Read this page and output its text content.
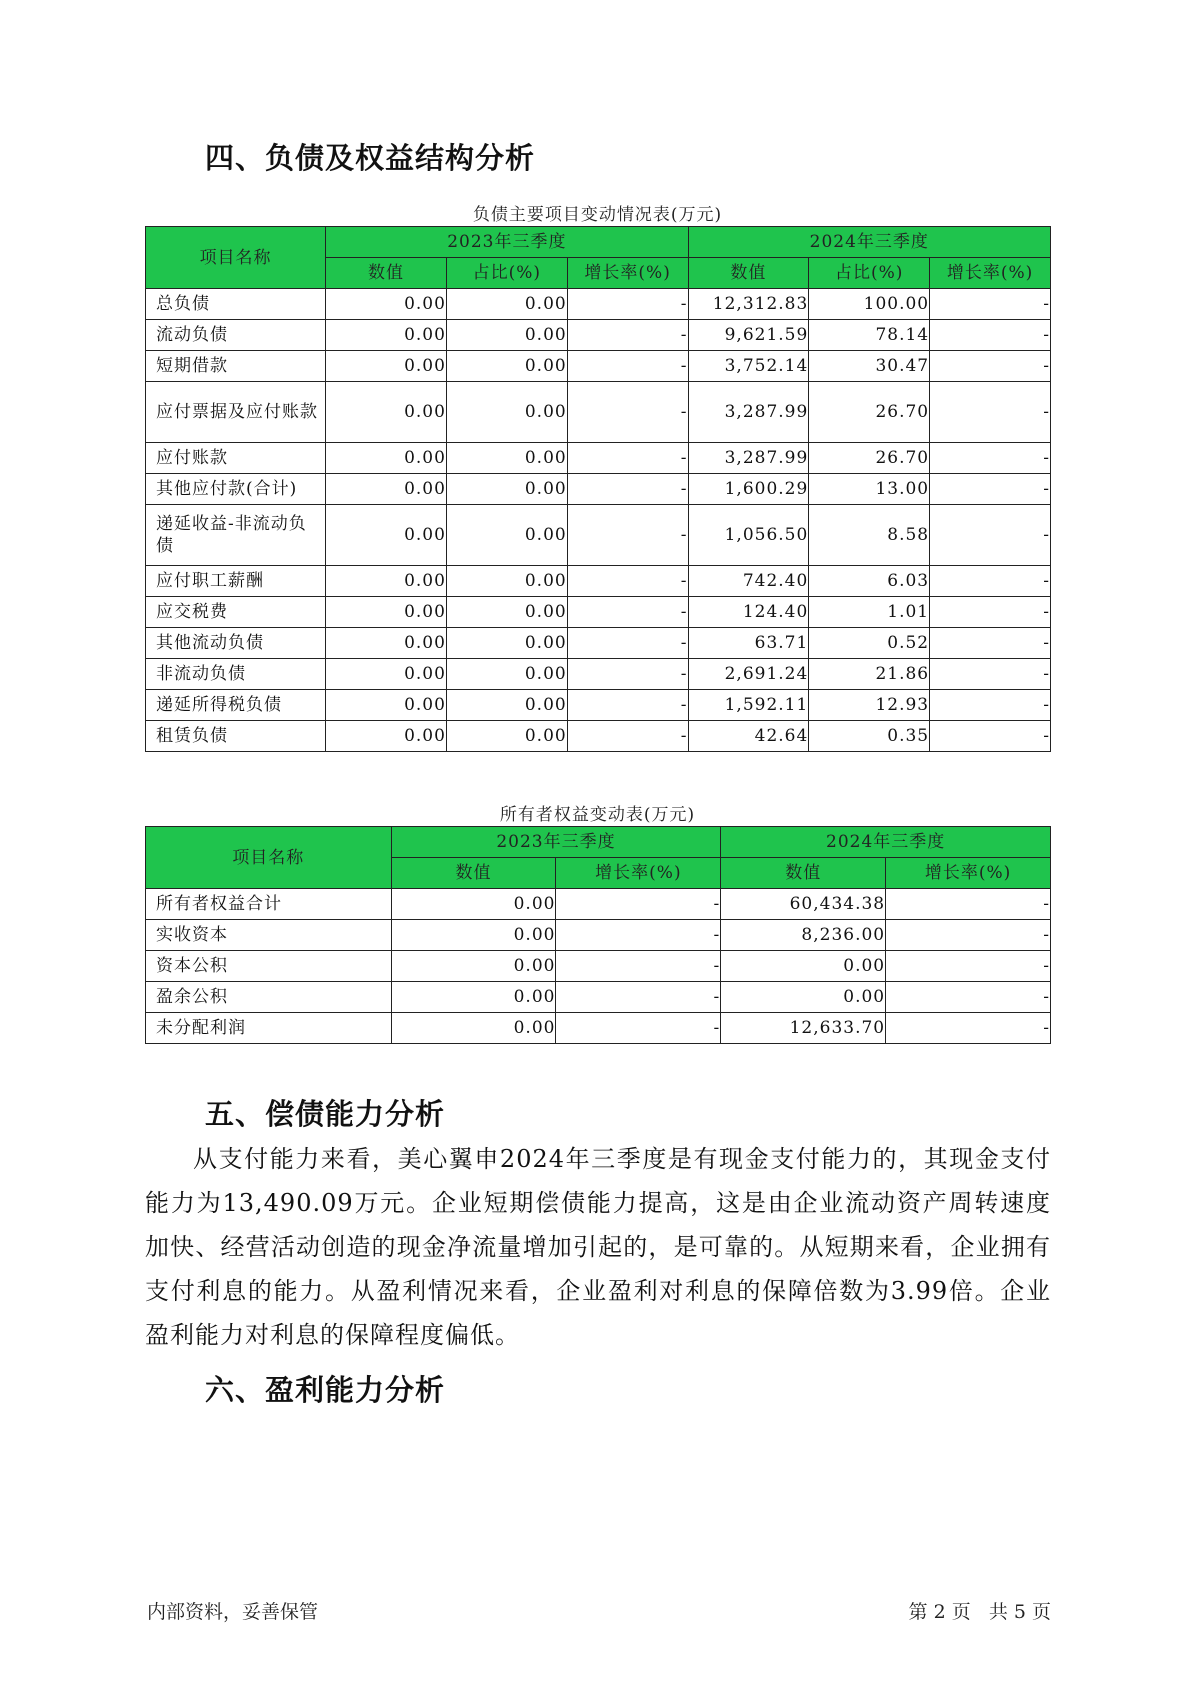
四、负债及权益结构分析
负债主要项目变动情况表(万元)
项目名称	2023年三季度			2024年三季度		
	数值	占比(%)	增长率(%)	数值	占比(%)	增长率(%)
总负债	0.00	0.00	-	12,312.83	100.00	-
流动负债	0.00	0.00	-	9,621.59	78.14	-
短期借款	0.00	0.00	-	3,752.14	30.47	-
应付票据及应付账款	0.00	0.00	-	3,287.99	26.70	-
应付账款	0.00	0.00	-	3,287.99	26.70	-
其他应付款(合计)	0.00	0.00	-	1,600.29	13.00	-
递延收益-非流动负债	0.00	0.00	-	1,056.50	8.58	-
应付职工薪酬	0.00	0.00	-	742.40	6.03	-
应交税费	0.00	0.00	-	124.40	1.01	-
其他流动负债	0.00	0.00	-	63.71	0.52	-
非流动负债	0.00	0.00	-	2,691.24	21.86	-
递延所得税负债	0.00	0.00	-	1,592.11	12.93	-
租赁负债	0.00	0.00	-	42.64	0.35	-
所有者权益变动表(万元)
项目名称	2023年三季度		2024年三季度	
	数值	增长率(%)	数值	增长率(%)
所有者权益合计	0.00	-	60,434.38	-
实收资本	0.00	-	8,236.00	-
资本公积	0.00	-	0.00	-
盈余公积	0.00	-	0.00	-
未分配利润	0.00	-	12,633.70	-
五、偿债能力分析

从支付能力来看，美心翼申2024年三季度是有现金支付能力的，其现金支付能力为13,490.09万元。企业短期偿债能力提高，这是由企业流动资产周转速度加快、经营活动创造的现金净流量增加引起的，是可靠的。从短期来看，企业拥有支付利息的能力。从盈利情况来看，企业盈利对利息的保障倍数为3.99倍。企业盈利能力对利息的保障程度偏低。

六、盈利能力分析
内部资料，妥善保管	第 2 页   共 5 页
